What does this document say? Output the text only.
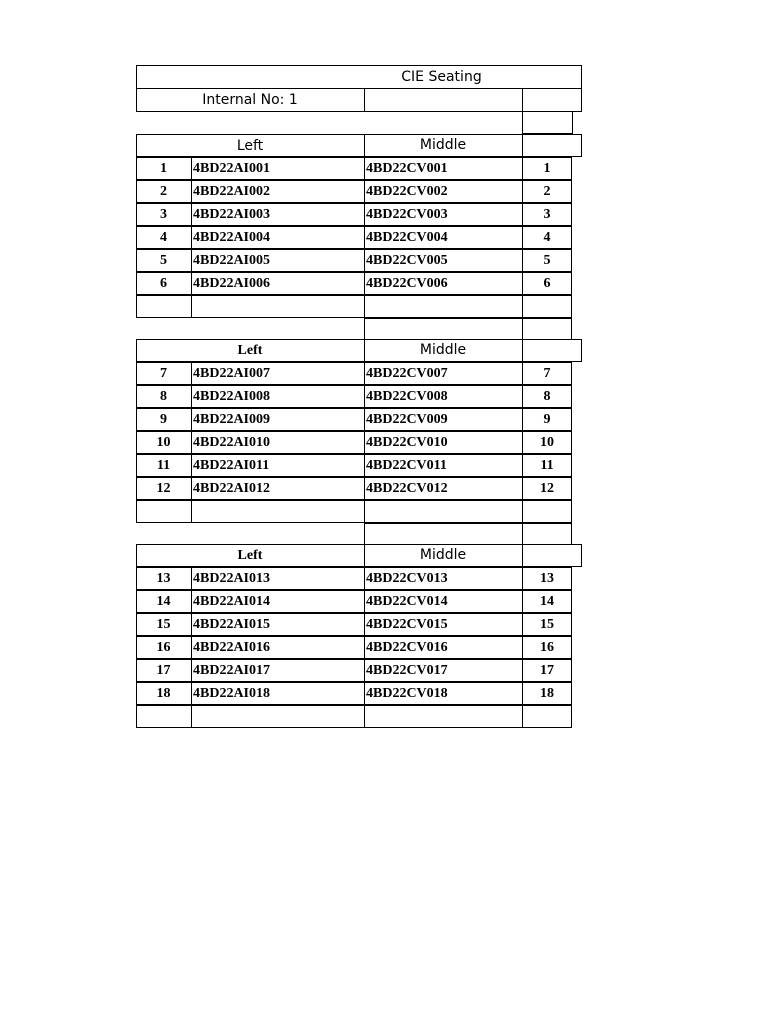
CIE Seating
Internal No: 1
Left	Middle
1	4BD22AI001	4BD22CV001	1
2	4BD22AI002	4BD22CV002	2
3	4BD22AI003	4BD22CV003	3
4	4BD22AI004	4BD22CV004	4
5	4BD22AI005	4BD22CV005	5
6	4BD22AI006	4BD22CV006	6
Left	Middle
7	4BD22AI007	4BD22CV007	7
8	4BD22AI008	4BD22CV008	8
9	4BD22AI009	4BD22CV009	9
10	4BD22AI010	4BD22CV010	10
11	4BD22AI011	4BD22CV011	11
12	4BD22AI012	4BD22CV012	12
Left	Middle
13	4BD22AI013	4BD22CV013	13
14	4BD22AI014	4BD22CV014	14
15	4BD22AI015	4BD22CV015	15
16	4BD22AI016	4BD22CV016	16
17	4BD22AI017	4BD22CV017	17
18	4BD22AI018	4BD22CV018	18
